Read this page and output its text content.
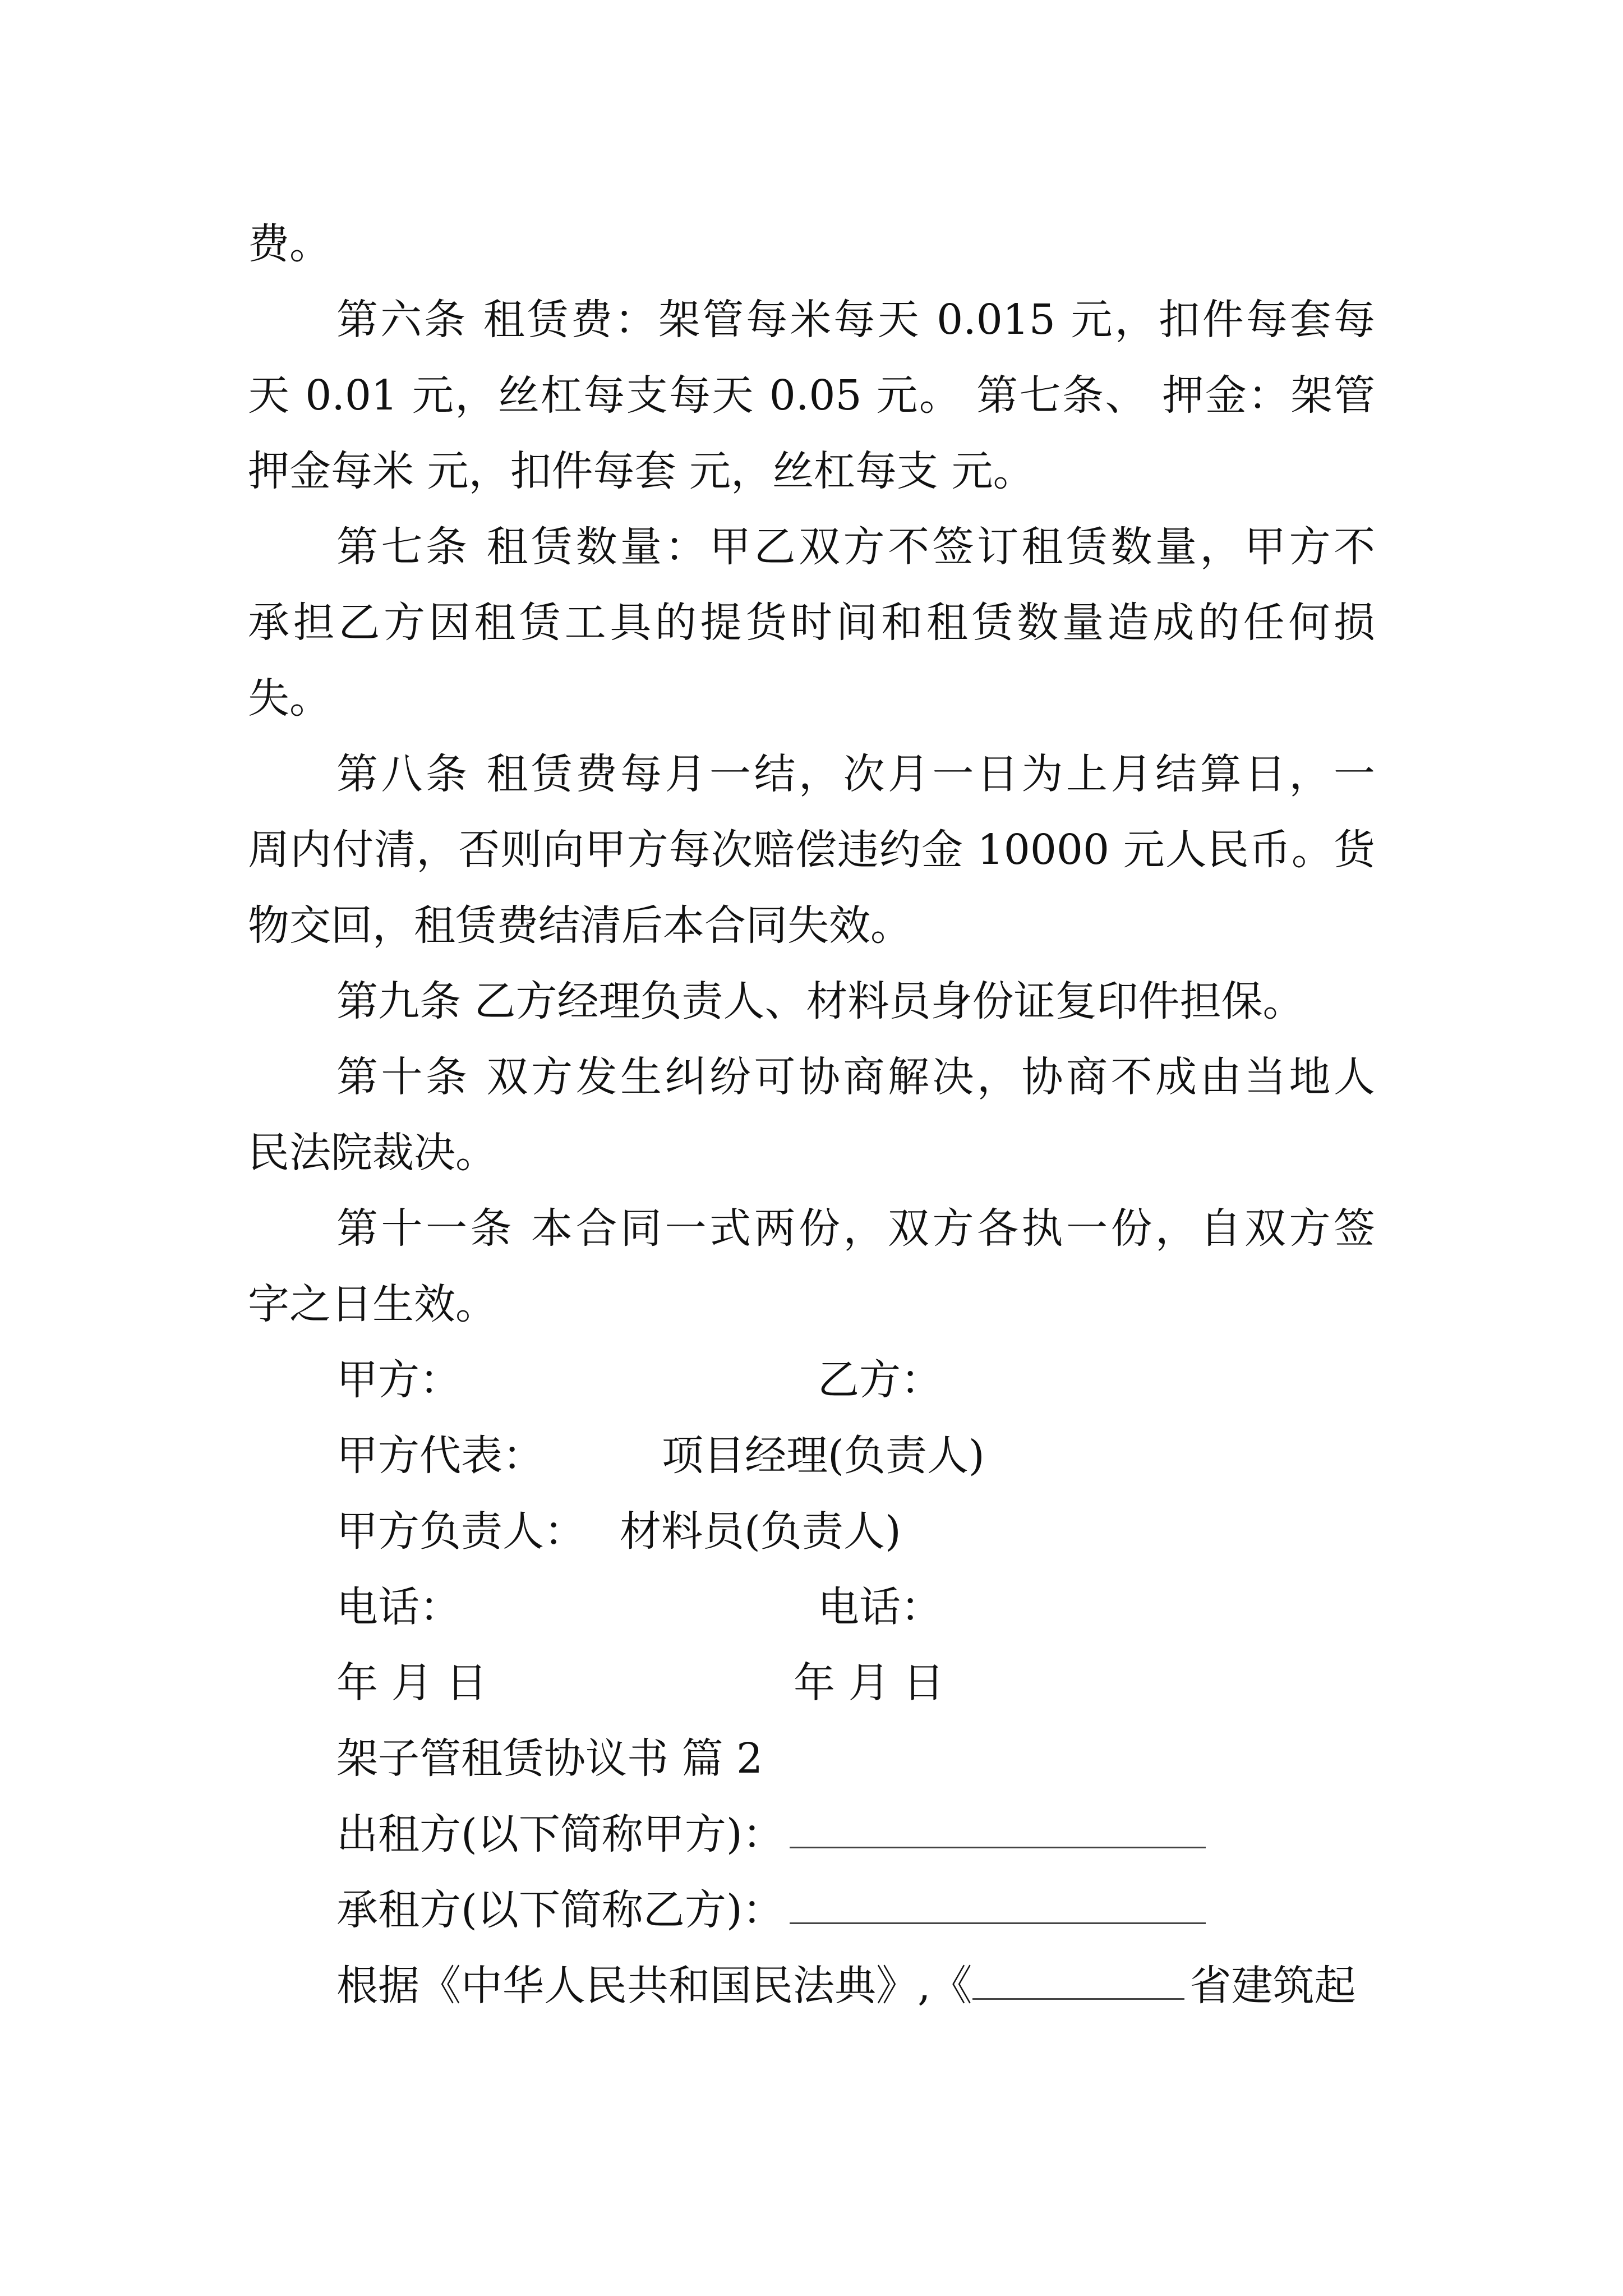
费。
第六条 租赁费：架管每米每天 0.015 元，扣件每套每
天 0.01 元，丝杠每支每天 0.05 元。 第七条、 押金：架管
押金每米 元，扣件每套 元，丝杠每支 元。
第七条 租赁数量：甲乙双方不签订租赁数量，甲方不
承担乙方因租赁工具的提货时间和租赁数量造成的任何损
失。
第八条 租赁费每月一结，次月一日为上月结算日，一
周内付清，否则向甲方每次赔偿违约金 10000 元人民币。货
物交回，租赁费结清后本合同失效。
第九条 乙方经理负责人、材料员身份证复印件担保。
第十条 双方发生纠纷可协商解决，协商不成由当地人
民法院裁决。
第十一条 本合同一式两份，双方各执一份，自双方签
字之日生效。
甲方：	乙方：
甲方代表：	项目经理(负责人)
甲方负责人： 材料员(负责人)
电话：	电话：
年 月 日	年 月 日
架子管租赁协议书 篇 2
出租方(以下简称甲方)：
承租方(以下简称乙方)：
根据《中华人民共和国民法典》,《	省建筑起
